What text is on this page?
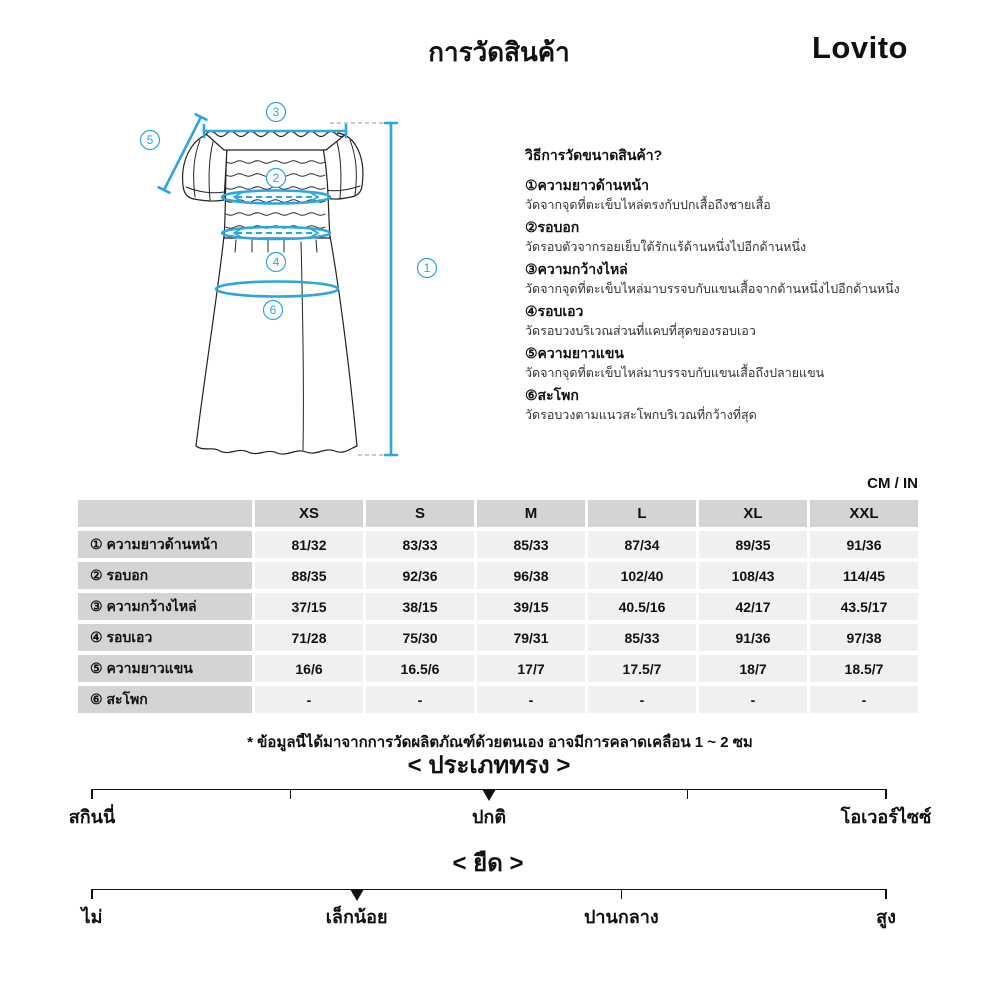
การวัดสินค้า	Lovito
1
2
3
4
5
6
วิธีการวัดขนาดสินค้า?
①ความยาวด้านหน้า
วัดจากจุดที่ตะเข็บไหล่ตรงกับปกเสื้อถึงชายเสื้อ
②รอบอก
วัดรอบตัวจากรอยเย็บใต้รักแร้ด้านหนึ่งไปอีกด้านหนึ่ง
③ความกว้างไหล่
วัดจากจุดที่ตะเข็บไหล่มาบรรจบกับแขนเสื้อจากด้านหนึ่งไปอีกด้านหนึ่ง
④รอบเอว
วัดรอบวงบริเวณส่วนที่แคบที่สุดของรอบเอว
⑤ความยาวแขน
วัดจากจุดที่ตะเข็บไหล่มาบรรจบกับแขนเสื้อถึงปลายแขน
⑥สะโพก
วัดรอบวงตามแนวสะโพกบริเวณที่กว้างที่สุด
CM / IN
XS	S	M	L	XL	XXL
① ความยาวด้านหน้า	81/32	83/33	85/33	87/34	89/35	91/36
② รอบอก	88/35	92/36	96/38	102/40	108/43	114/45
③ ความกว้างไหล่	37/15	38/15	39/15	40.5/16	42/17	43.5/17
④ รอบเอว	71/28	75/30	79/31	85/33	91/36	97/38
⑤ ความยาวแขน	16/6	16.5/6	17/7	17.5/7	18/7	18.5/7
⑥ สะโพก	-	-	-	-	-	-
* ข้อมูลนี้ได้มาจากการวัดผลิตภัณฑ์ด้วยตนเอง อาจมีการคลาดเคลื่อน 1 ~ 2 ซม
< ประเภททรง >
สกินนี่	ปกติ	โอเวอร์ไซซ์
< ยืด >
ไม่	เล็กน้อย	ปานกลาง	สูง
